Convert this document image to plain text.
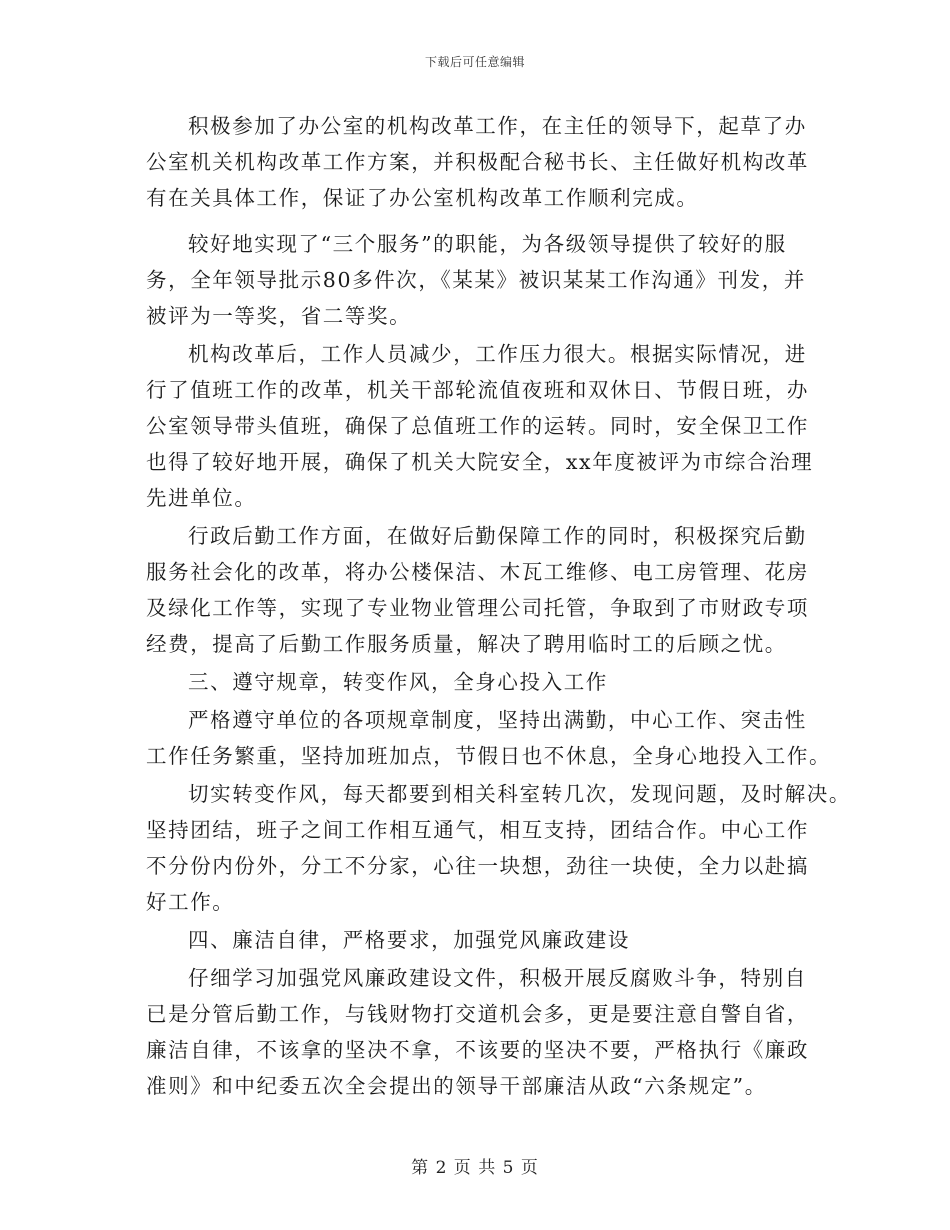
下载后可任意编辑
积极参加了办公室的机构改革工作，在主任的领导下，起草了办
公室机关机构改革工作方案，并积极配合秘书长、主任做好机构改革
有在关具体工作，保证了办公室机构改革工作顺利完成。
较好地实现了“三个服务”的职能，为各级领导提供了较好的服
务，全年领导批示80多件次，《某某》被识某某工作沟通》刊发，并
被评为一等奖，省二等奖。
机构改革后，工作人员减少，工作压力很大。根据实际情况，进
行了值班工作的改革，机关干部轮流值夜班和双休日、节假日班，办
公室领导带头值班，确保了总值班工作的运转。同时，安全保卫工作
也得了较好地开展，确保了机关大院安全，xx年度被评为市综合治理
先进单位。
行政后勤工作方面，在做好后勤保障工作的同时，积极探究后勤
服务社会化的改革，将办公楼保洁、木瓦工维修、电工房管理、花房
及绿化工作等，实现了专业物业管理公司托管，争取到了市财政专项
经费，提高了后勤工作服务质量，解决了聘用临时工的后顾之忧。
三、遵守规章，转变作风，全身心投入工作
严格遵守单位的各项规章制度，坚持出满勤，中心工作、突击性
工作任务繁重，坚持加班加点，节假日也不休息，全身心地投入工作。
切实转变作风，每天都要到相关科室转几次，发现问题，及时解决。
坚持团结，班子之间工作相互通气，相互支持，团结合作。中心工作
不分份内份外，分工不分家，心往一块想，劲往一块使，全力以赴搞
好工作。
四、廉洁自律，严格要求，加强党风廉政建设
仔细学习加强党风廉政建设文件，积极开展反腐败斗争，特别自
已是分管后勤工作，与钱财物打交道机会多，更是要注意自警自省，
廉洁自律，不该拿的坚决不拿，不该要的坚决不要，严格执行《廉政
准则》和中纪委五次全会提出的领导干部廉洁从政“六条规定”。
第 2 页 共 5 页
